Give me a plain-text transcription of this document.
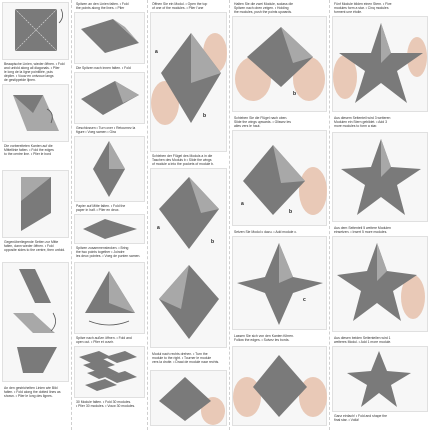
Beaapische Linien, wieder öffnen. • Fold
and unfold along all diagonals. • Plier
le long de la ligne pointillée, puis
déplier. • Vouw en ontvouw langs
de gestippelde lijnen.
Die vorbereiteten Kanten auf die
Mittellinie falten. • Fold the edges
to the centre line. • Plier le bord
Gegenüberliegende Seiten zur Mitte
falten, dann wieder öffnen. • Fold
opposite sides to the centre, then unfold.
An den gestrichelten Linien wie Bild
falten. • Fold along the dotted lines as
shown. • Plier le long des lignes.
Spitzen an den Linien falten. • Fold
the points along the lines. • Plier
Die Spitzen nach innen falten. • Fold
Geschlossen • Turn over • Retournez la
figure • Voeg samen • Gira
Papier auf Mitte falten. • Fold the
paper in half. • Plier en deux.
Spitzen zusammenstecken. • Bring
the two points together • Joindre
les deux pointes. • Voeg de punten samen.
Spitze nach außen öffnen. • Fold and
open out. • Plier et ouvrir.
30 Module falten. • Fold 30 modules.
• Plier 30 modules. • Vouw 30 modules.
Öffnen Sie ein Modul. • Open the top
of one of the modules. • Plier l'une
a
b
Schieben der Flügel des Moduls a in die
Taschen des Moduls b • Slide the wings
of module a into the pockets of module b.
a
b
Modul nach rechts drehen. • Turn the
module to the right. • Tourner le module
vers la droite. • Draai de module naar rechts.
Halten Sie die zwei Module, sodass die
Spitzen nach oben zeigen. • Holding
the modules, push the points upwards.
b
Schieben Sie die Flügel nach oben.
Slide the wings upwards. • Glissez les
ailes vers le haut.
a
b
Setzen Sie Modul c dazu. • Add module c.
c
Lassen Sie sich von den Kanten führen.
Follow the edges. • Suivez les bords.
Fünf Module bilden einen Stern. • Five
modules form a star. • Cinq modules
forment une étoile.
Aus diesem Seitenteil wird 3 weiteren
Modulen ein Stern gebildet. • Add 3
more modules to form a star.
Aus dem Seitenteil 5 weitere Modulen
einsetzen. • Insert 5 more modules.
Aus diesen beiden Seitenteilen wird 1
weiteres Modul. • Add 1 more module.
Ganz einfach! • Fold and shape the
final star. • Voilà!
